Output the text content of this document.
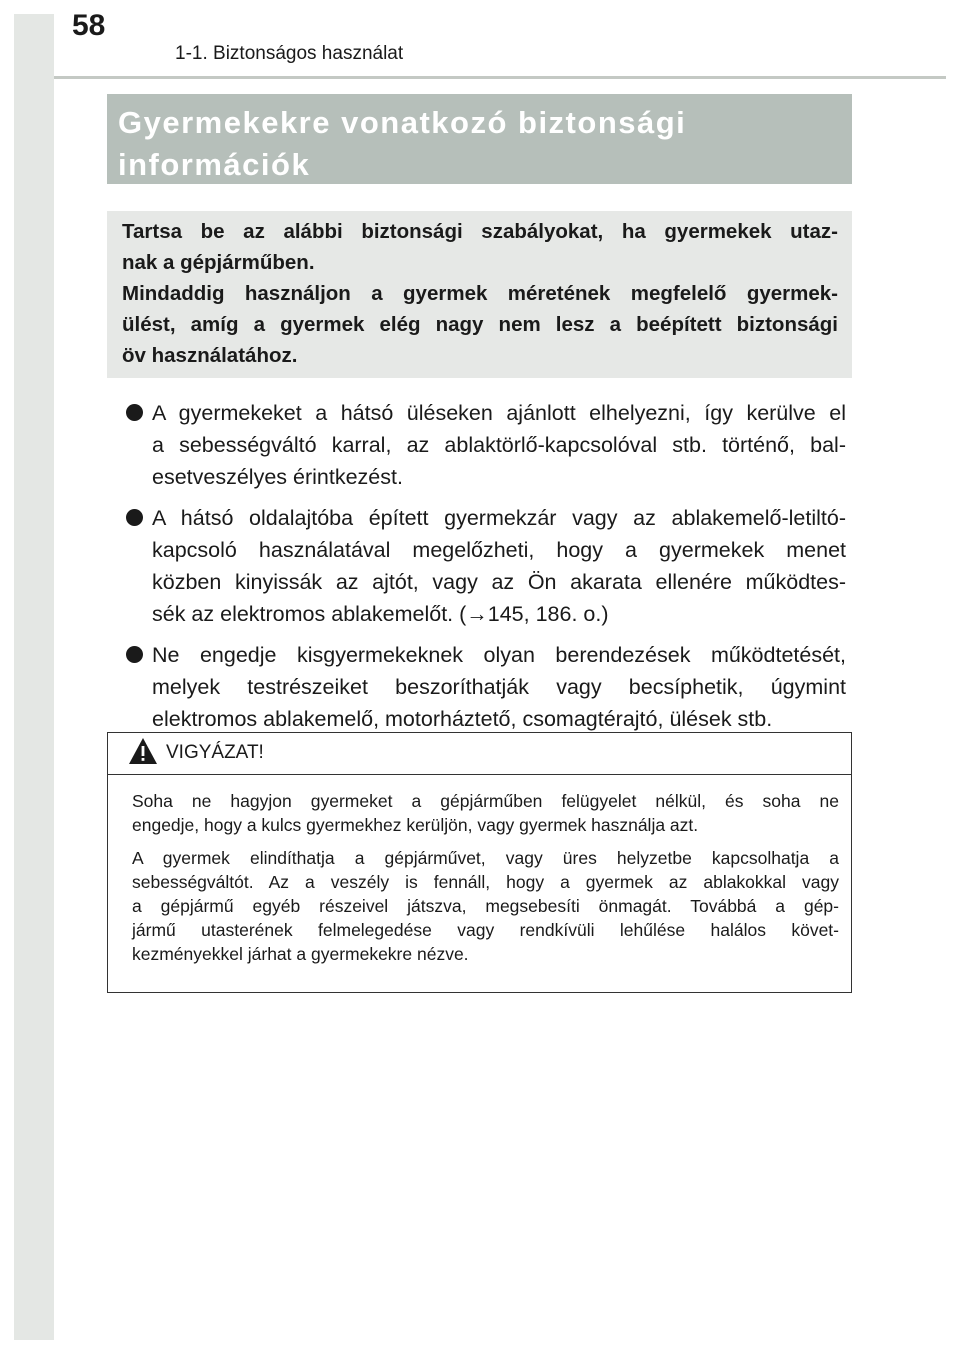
58
1-1. Biztonságos használat
Gyermekekre vonatkozó biztonsági
információk
Tartsa be az alábbi biztonsági szabályokat, ha gyermekek utaz-
nak a gépjárműben.
Mindaddig használjon a gyermek méretének megfelelő gyermek-
ülést, amíg a gyermek elég nagy nem lesz a beépített biztonsági
öv használatához.
A gyermekeket a hátsó üléseken ajánlott elhelyezni, így kerülve el
a sebességváltó karral, az ablaktörlő-kapcsolóval stb. történő, bal-
esetveszélyes érintkezést.
A hátsó oldalajtóba épített gyermekzár vagy az ablakemelő-letiltó-
kapcsoló használatával megelőzheti, hogy a gyermekek menet
közben kinyissák az ajtót, vagy az Ön akarata ellenére működtes-
sék az elektromos ablakemelőt. (→145, 186. o.)
Ne engedje kisgyermekeknek olyan berendezések működtetését,
melyek testrészeiket beszoríthatják vagy becsíphetik, úgymint
elektromos ablakemelő, motorháztető, csomagtérajtó, ülések stb.
VIGYÁZAT!
Soha ne hagyjon gyermeket a gépjárműben felügyelet nélkül, és soha ne
engedje, hogy a kulcs gyermekhez kerüljön, vagy gyermek használja azt.
A gyermek elindíthatja a gépjárművet, vagy üres helyzetbe kapcsolhatja a
sebességváltót. Az a veszély is fennáll, hogy a gyermek az ablakokkal vagy
a gépjármű egyéb részeivel játszva, megsebesíti önmagát. Továbbá a gép-
jármű utasterének felmelegedése vagy rendkívüli lehűlése halálos követ-
kezményekkel járhat a gyermekekre nézve.
